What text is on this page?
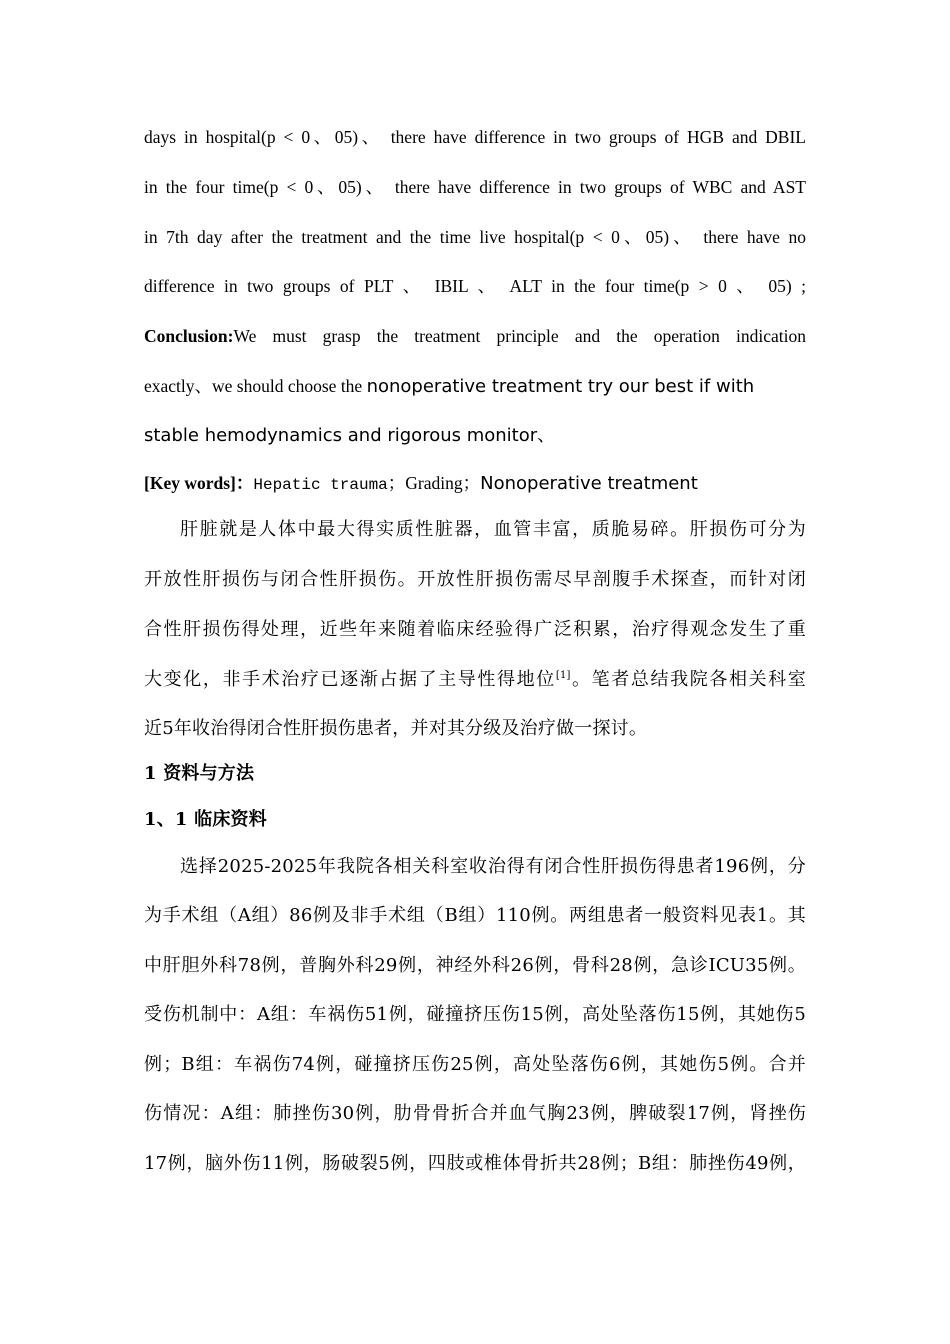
days in hospital(p < 0、05)、 there have difference in two groups of HGB and DBIL
in the four time(p < 0、05)、 there have difference in two groups of WBC and AST
in 7th day after the treatment and the time live hospital(p < 0、05)、 there have no
difference in two groups of PLT 、 IBIL 、 ALT in the four time(p > 0 、 05) ;
Conclusion:We must grasp the treatment principle and the operation indication
exactly、we should choose the nonoperative treatment try our best if with
stable hemodynamics and rigorous monitor、
[Key words]：Hepatic trauma；Grading；Nonoperative treatment
肝脏就是人体中最大得实质性脏器，血管丰富，质脆易碎。肝损伤可分为
开放性肝损伤与闭合性肝损伤。开放性肝损伤需尽早剖腹手术探查，而针对闭
合性肝损伤得处理，近些年来随着临床经验得广泛积累，治疗得观念发生了重
大变化，非手术治疗已逐渐占据了主导性得地位[1]。笔者总结我院各相关科室
近5年收治得闭合性肝损伤患者，并对其分级及治疗做一探讨。
1 资料与方法
1、1 临床资料
选择2025-2025年我院各相关科室收治得有闭合性肝损伤得患者196例，分
为手术组（A组）86例及非手术组（B组）110例。两组患者一般资料见表1。其
中肝胆外科78例，普胸外科29例，神经外科26例，骨科28例，急诊ICU35例。
受伤机制中：A组：车祸伤51例，碰撞挤压伤15例，高处坠落伤15例，其她伤5
例；B组：车祸伤74例，碰撞挤压伤25例，高处坠落伤6例，其她伤5例。合并
伤情况：A组：肺挫伤30例，肋骨骨折合并血气胸23例，脾破裂17例，肾挫伤
17例，脑外伤11例，肠破裂5例，四肢或椎体骨折共28例；B组：肺挫伤49例，
